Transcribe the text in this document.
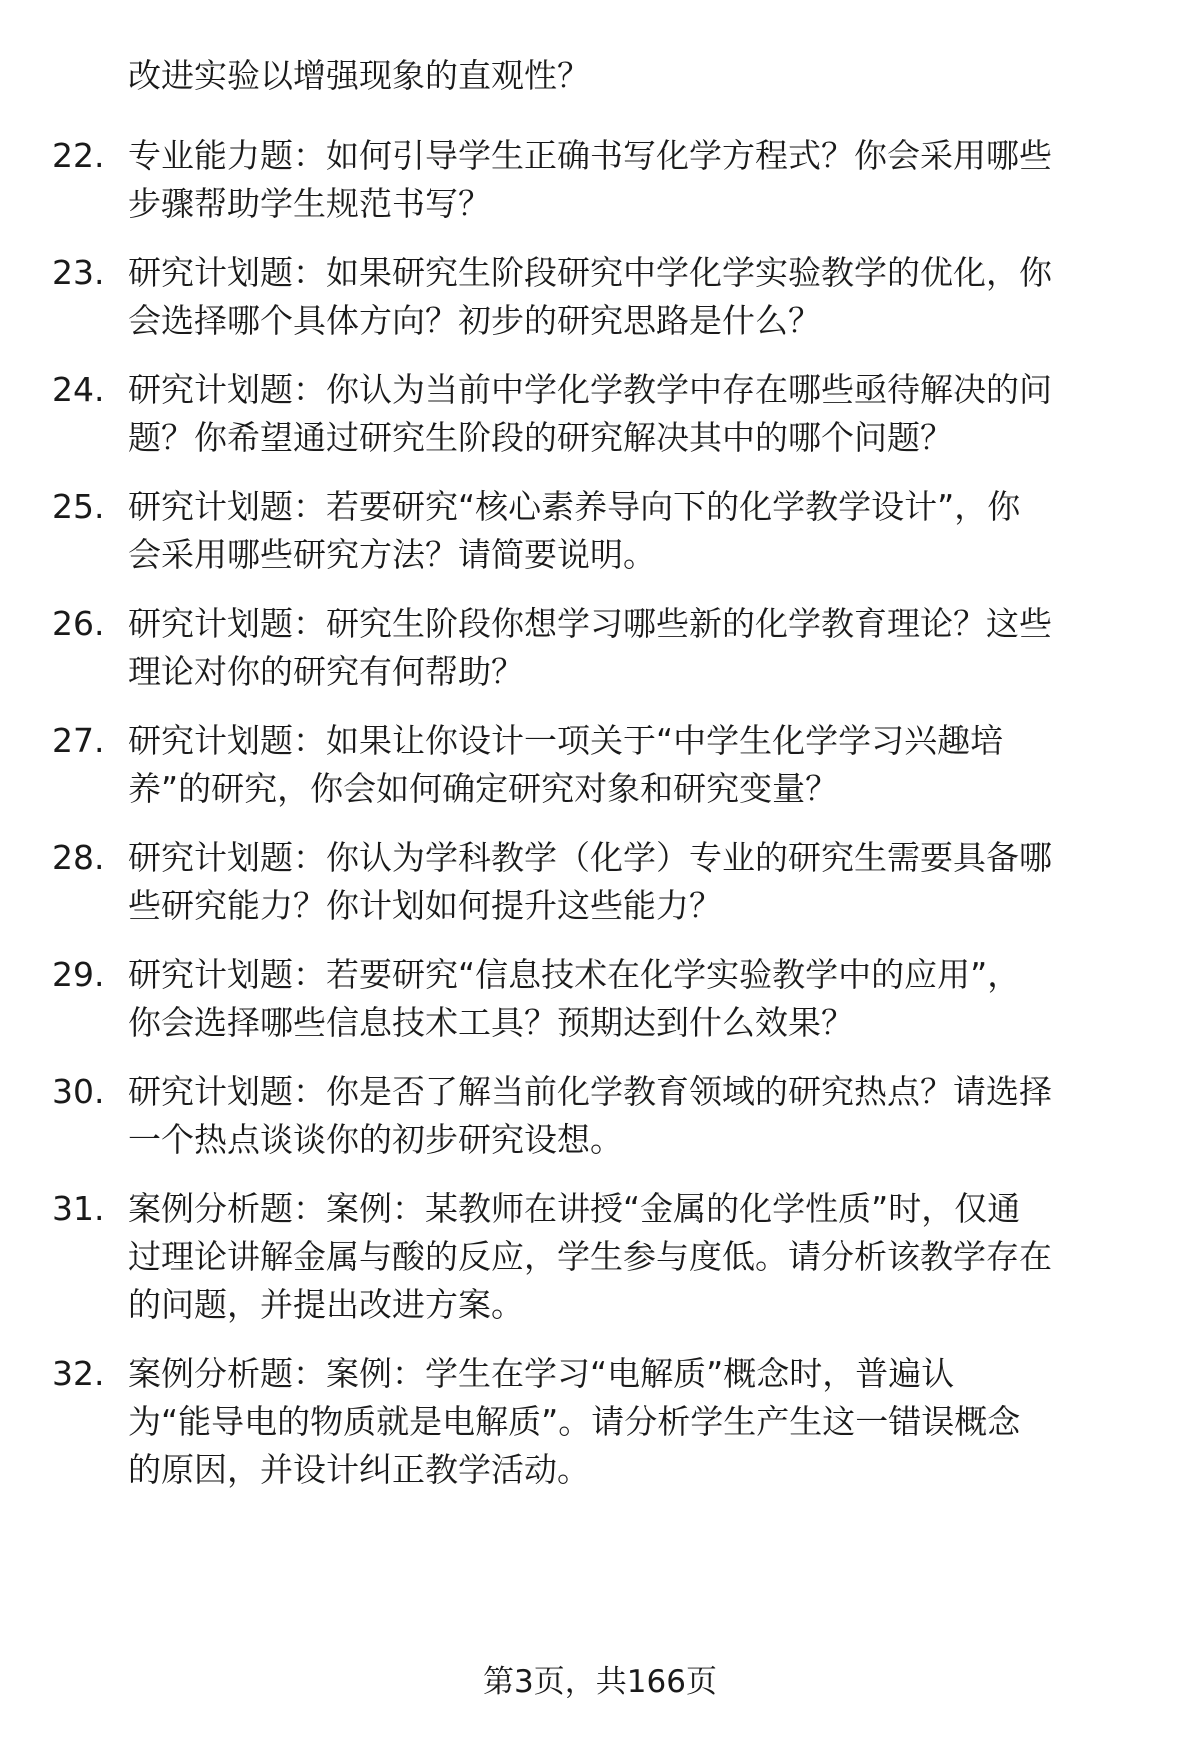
改进实验以增强现象的直观性？
22. 专业能力题：如何引导学生正确书写化学方程式？你会采用哪些
步骤帮助学生规范书写？
23. 研究计划题：如果研究生阶段研究中学化学实验教学的优化，你
会选择哪个具体方向？初步的研究思路是什么？
24. 研究计划题：你认为当前中学化学教学中存在哪些亟待解决的问
题？你希望通过研究生阶段的研究解决其中的哪个问题？
25. 研究计划题：若要研究“核心素养导向下的化学教学设计”，你
会采用哪些研究方法？请简要说明。
26. 研究计划题：研究生阶段你想学习哪些新的化学教育理论？这些
理论对你的研究有何帮助？
27. 研究计划题：如果让你设计一项关于“中学生化学学习兴趣培
养”的研究，你会如何确定研究对象和研究变量？
28. 研究计划题：你认为学科教学（化学）专业的研究生需要具备哪
些研究能力？你计划如何提升这些能力？
29. 研究计划题：若要研究“信息技术在化学实验教学中的应用”，
你会选择哪些信息技术工具？预期达到什么效果？
30. 研究计划题：你是否了解当前化学教育领域的研究热点？请选择
一个热点谈谈你的初步研究设想。
31. 案例分析题：案例：某教师在讲授“金属的化学性质”时，仅通
过理论讲解金属与酸的反应，学生参与度低。请分析该教学存在
的问题，并提出改进方案。
32. 案例分析题：案例：学生在学习“电解质”概念时，普遍认
为“能导电的物质就是电解质”。请分析学生产生这一错误概念
的原因，并设计纠正教学活动。
第3页，共166页
